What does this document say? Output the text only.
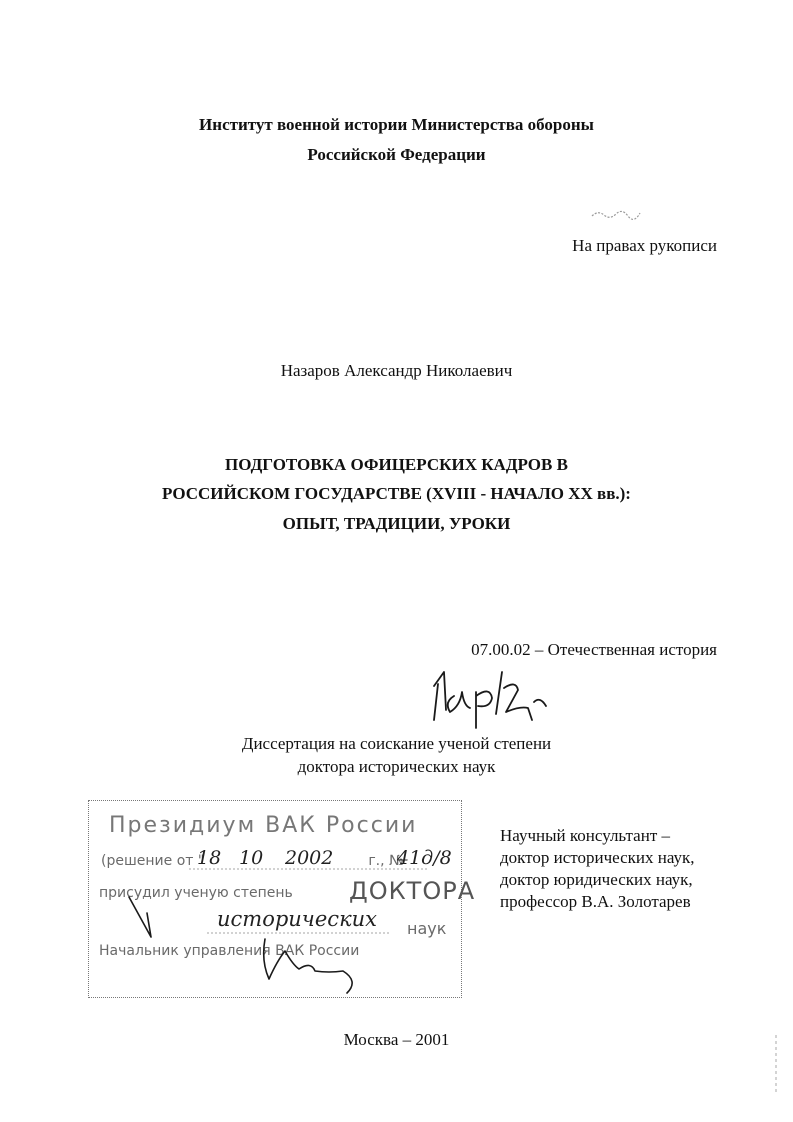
Институт военной истории Министерства обороны
Российской Федерации
На правах рукописи
Назаров Александр Николаевич
ПОДГОТОВКА ОФИЦЕРСКИХ КАДРОВ В
РОССИЙСКОМ ГОСУДАРСТВЕ (XVIII - НАЧАЛО XX вв.):
ОПЫТ, ТРАДИЦИИ, УРОКИ
07.00.02 – Отечественная история
Диссертация на соискание ученой степени
доктора исторических наук
Президиум ВАК России
(решение от "	г., №
18 10 2002	41д/8
присудил ученую степень ДОКТОРА
исторических наук
Начальник управления ВАК России
Научный консультант –
доктор исторических наук,
доктор юридических наук,
профессор В.А. Золотарев
Москва – 2001
